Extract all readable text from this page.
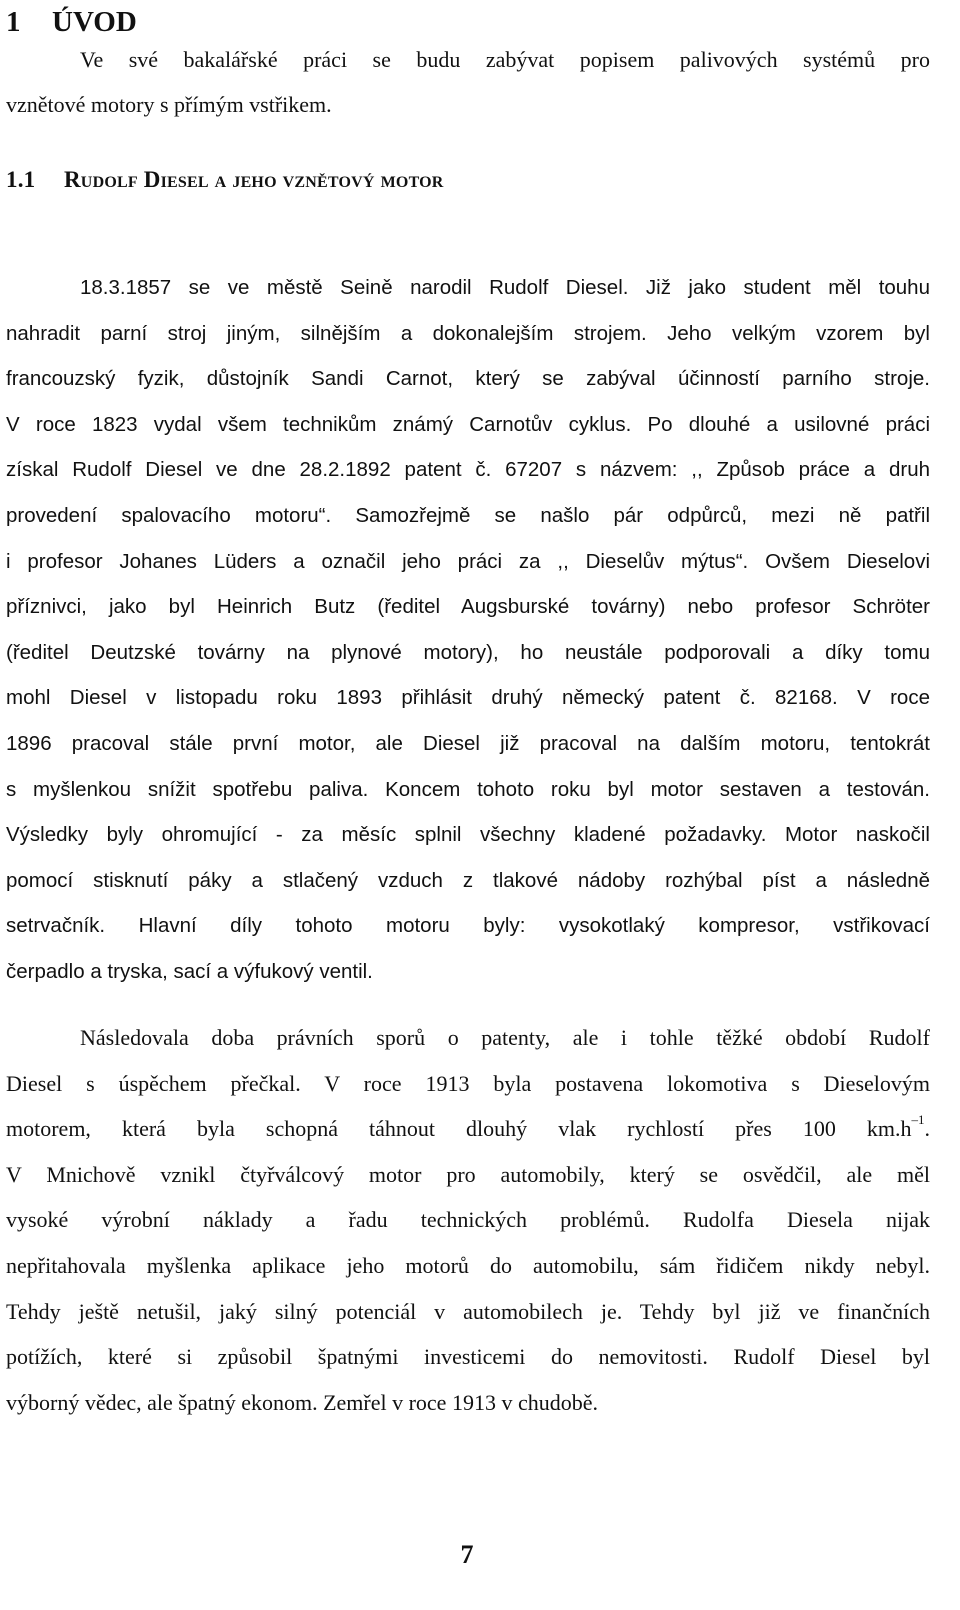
1 ÚVOD

Ve své bakalářské práci se budu zabývat popisem palivových systémů pro

vznětové motory s přímým vstřikem.

1.1 Rudolf Diesel a jeho vznětový motor
18.3.1857 se ve městě Seině narodil Rudolf Diesel. Již jako student měl touhu
nahradit parní stroj jiným, silnějším a dokonalejším strojem. Jeho velkým vzorem byl
francouzský fyzik, důstojník Sandi Carnot, který se zabýval účinností parního stroje.
V roce 1823 vydal všem technikům známý Carnotův cyklus. Po dlouhé a usilovné práci
získal Rudolf Diesel ve dne 28.2.1892 patent č. 67207 s názvem: ,, Způsob práce a druh
provedení spalovacího motoru“. Samozřejmě se našlo pár odpůrců, mezi ně patřil
i profesor Johanes Lüders a označil jeho práci za ,, Dieselův mýtus“. Ovšem Dieselovi
příznivci, jako byl Heinrich Butz (ředitel Augsburské továrny) nebo profesor Schröter
(ředitel Deutzské továrny na plynové motory), ho neustále podporovali a díky tomu
mohl Diesel v listopadu roku 1893 přihlásit druhý německý patent č. 82168. V roce
1896 pracoval stále první motor, ale Diesel již pracoval na dalším motoru, tentokrát
s myšlenkou snížit spotřebu paliva. Koncem tohoto roku byl motor sestaven a testován.
Výsledky byly ohromující - za měsíc splnil všechny kladené požadavky. Motor naskočil
pomocí stisknutí páky a stlačený vzduch z tlakové nádoby rozhýbal píst a následně
setrvačník. Hlavní díly tohoto motoru byly: vysokotlaký kompresor, vstřikovací
čerpadlo a tryska, sací a výfukový ventil.
Následovala doba právních sporů o patenty, ale i tohle těžké období Rudolf
Diesel s úspěchem přečkal. V roce 1913 byla postavena lokomotiva s Dieselovým
motorem, která byla schopná táhnout dlouhý vlak rychlostí přes 100 $km.h^{-1}$.
V Mnichově vznikl čtyřválcový motor pro automobily, který se osvědčil, ale měl
vysoké výrobní náklady a řadu technických problémů. Rudolfa Diesela nijak
nepřitahovala myšlenka aplikace jeho motorů do automobilu, sám řidičem nikdy nebyl.
Tehdy ještě netušil, jaký silný potenciál v automobilech je. Tehdy byl již ve finančních
potížích, které si způsobil špatnými investicemi do nemovitosti. Rudolf Diesel byl
výborný vědec, ale špatný ekonom. Zemřel v roce 1913 v chudobě.

7
